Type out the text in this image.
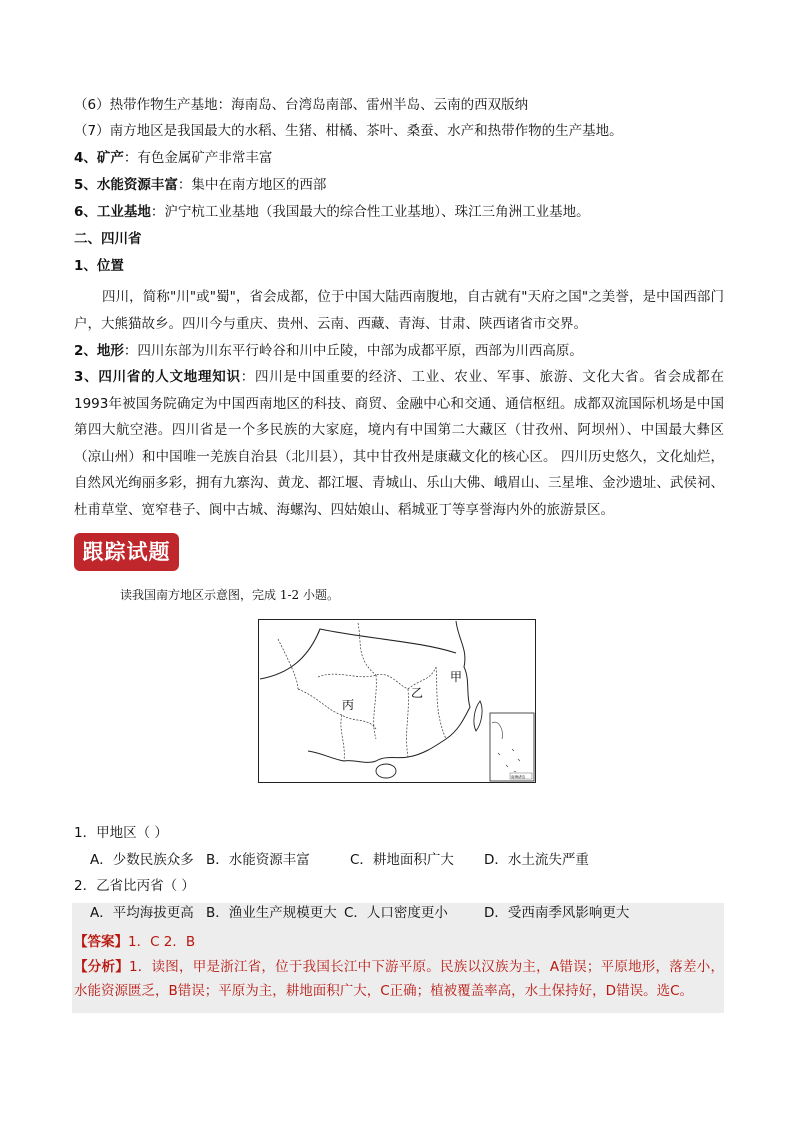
（6）热带作物生产基地：海南岛、台湾岛南部、雷州半岛、云南的西双版纳
（7）南方地区是我国最大的水稻、生猪、柑橘、茶叶、桑蚕、水产和热带作物的生产基地。
4、矿产：有色金属矿产非常丰富
5、水能资源丰富：集中在南方地区的西部
6、工业基地：沪宁杭工业基地（我国最大的综合性工业基地）、珠江三角洲工业基地。
二、四川省
1、位置
四川，简称"川"或"蜀"，省会成都，位于中国大陆西南腹地，自古就有"天府之国"之美誉，是中国西部门户，大熊猫故乡。四川今与重庆、贵州、云南、西藏、青海、甘肃、陕西诸省市交界。
2、地形：四川东部为川东平行岭谷和川中丘陵，中部为成都平原，西部为川西高原。
3、四川省的人文地理知识：四川是中国重要的经济、工业、农业、军事、旅游、文化大省。省会成都在1993年被国务院确定为中国西南地区的科技、商贸、金融中心和交通、通信枢纽。成都双流国际机场是中国第四大航空港。四川省是一个多民族的大家庭，境内有中国第二大藏区（甘孜州、阿坝州）、中国最大彝区（凉山州）和中国唯一羌族自治县（北川县），其中甘孜州是康藏文化的核心区。 四川历史悠久，文化灿烂，自然风光绚丽多彩，拥有九寨沟、黄龙、都江堰、青城山、乐山大佛、峨眉山、三星堆、金沙遗址、武侯祠、杜甫草堂、宽窄巷子、阆中古城、海螺沟、四姑娘山、稻城亚丁等享誉海内外的旅游景区。
跟踪试题
读我国南方地区示意图，完成 1-2 小题。
甲
乙
丙
南海诸岛
1．甲地区（ ）
A．少数民族众多 B．水能资源丰富	C．耕地面积广大 D．水土流失严重
2．乙省比丙省（ ）
A．平均海拔更高 B．渔业生产规模更大 C．人口密度更小	D．受西南季风影响更大
【答案】1．C 2．B
【分析】1．读图，甲是浙江省，位于我国长江中下游平原。民族以汉族为主，A错误；平原地形，落差小，水能资源匮乏，B错误；平原为主，耕地面积广大，C正确；植被覆盖率高，水土保持好，D错误。选C。
